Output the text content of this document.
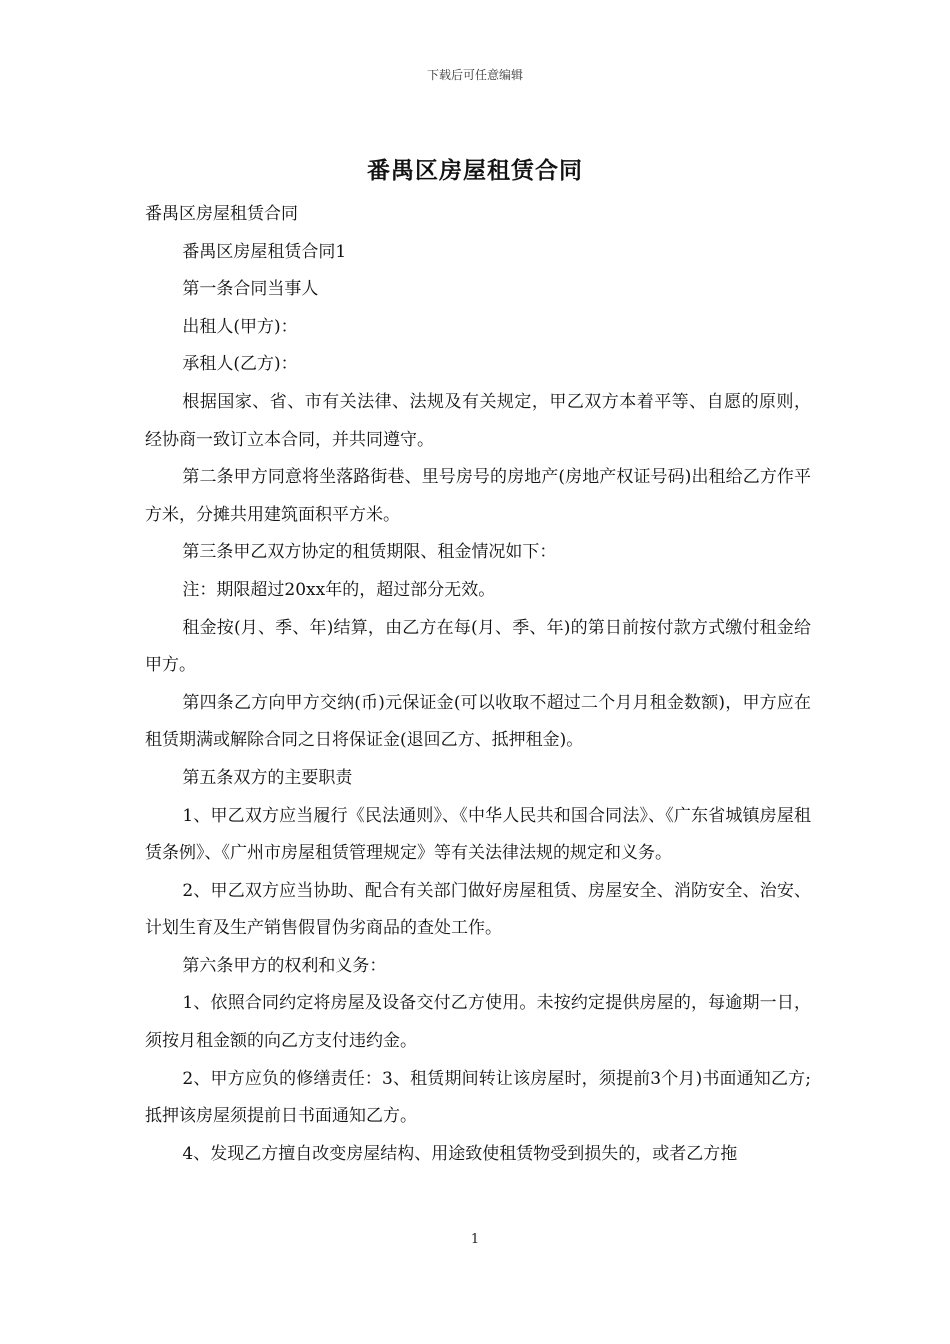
下载后可任意编辑
番禺区房屋租赁合同

番禺区房屋租赁合同

番禺区房屋租赁合同1

第一条合同当事人

出租人(甲方)：

承租人(乙方)：

根据国家、省、市有关法律、法规及有关规定，甲乙双方本着平等、自愿的原则，经协商一致订立本合同，并共同遵守。

第二条甲方同意将坐落路街巷、里号房号的房地产(房地产权证号码)出租给乙方作平方米，分摊共用建筑面积平方米。

第三条甲乙双方协定的租赁期限、租金情况如下：

注：期限超过20xx年的，超过部分无效。

租金按(月、季、年)结算，由乙方在每(月、季、年)的第日前按付款方式缴付租金给甲方。

第四条乙方向甲方交纳(币)元保证金(可以收取不超过二个月月租金数额)，甲方应在租赁期满或解除合同之日将保证金(退回乙方、抵押租金)。

第五条双方的主要职责

1、甲乙双方应当履行《民法通则》、《中华人民共和国合同法》、《广东省城镇房屋租赁条例》、《广州市房屋租赁管理规定》等有关法律法规的规定和义务。

2、甲乙双方应当协助、配合有关部门做好房屋租赁、房屋安全、消防安全、治安、计划生育及生产销售假冒伪劣商品的查处工作。

第六条甲方的权利和义务：

1、依照合同约定将房屋及设备交付乙方使用。未按约定提供房屋的，每逾期一日，须按月租金额的向乙方支付违约金。

2、甲方应负的修缮责任：3、租赁期间转让该房屋时，须提前3个月)书面通知乙方;抵押该房屋须提前日书面通知乙方。

4、发现乙方擅自改变房屋结构、用途致使租赁物受到损失的，或者乙方拖

1
